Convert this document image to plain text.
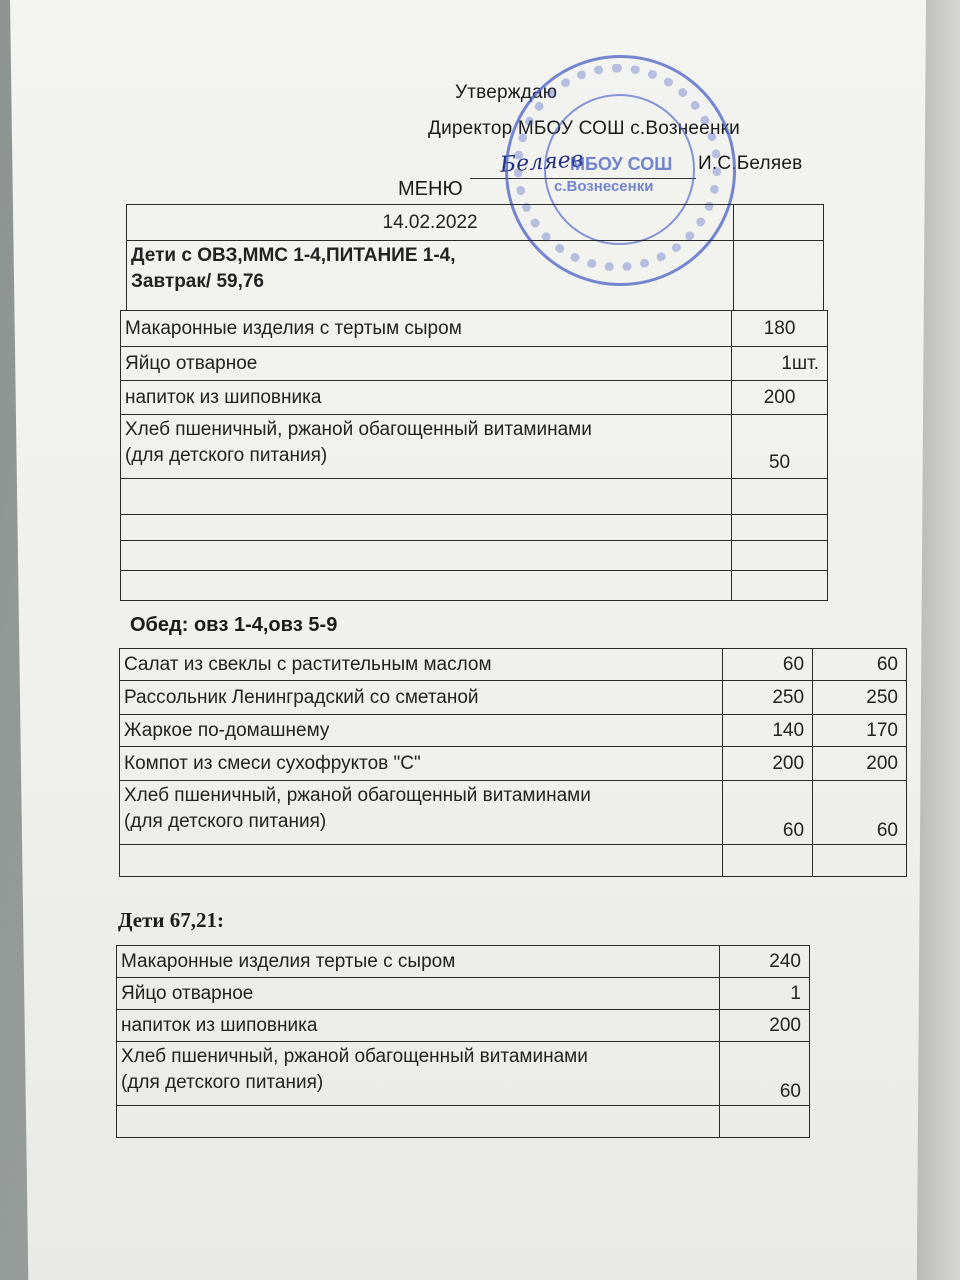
Утверждаю
Директор МБОУ СОШ с.Вознеенки
Беляев	И.С.Беляев
МБОУ СОШ
с.Вознесенки
МЕНЮ
14.02.2022	

Дети с ОВЗ,ММС 1-4,ПИТАНИЕ 1-4,
Завтрак/ 59,76	

Макаронные изделия с тертым сыром	180
Яйцо отварное	1шт.
напиток из шиповника	200

Хлеб пшеничный, ржаной обагощенный витаминами
(для детского питания)	50

Обед: овз 1-4,овз 5-9
Салат из свеклы с растительным маслом	60	60
Рассольник Ленинградский со сметаной	250	250
Жаркое по-домашнему	140	170
Компот из смеси сухофруктов "С"	200	200

Хлеб пшеничный, ржаной обагощенный витаминами
(для детского питания)	60	60

Дети 67,21:
Макаронные изделия тертые с сыром	240
Яйцо отварное	1
напиток из шиповника	200

Хлеб пшеничный, ржаной обагощенный витаминами
(для детского питания)	60
